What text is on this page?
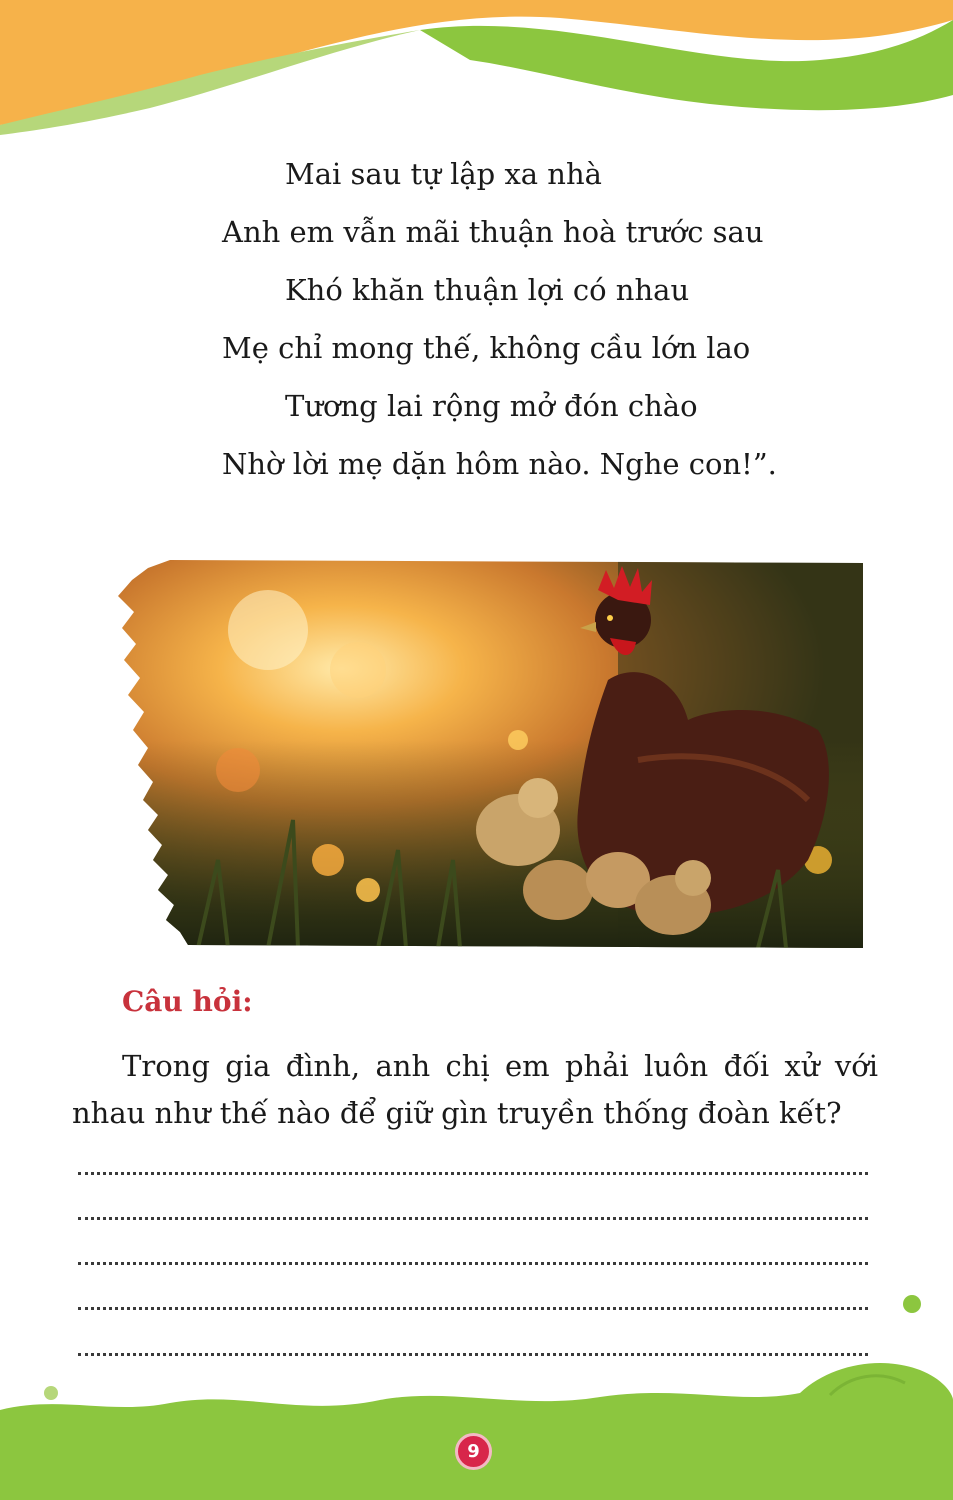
Mai sau tự lập xa nhà
Anh em vẫn mãi thuận hoà trước sau
Khó khăn thuận lợi có nhau
Mẹ chỉ mong thế, không cầu lớn lao
Tương lai rộng mở đón chào
Nhờ lời mẹ dặn hôm nào. Nghe con!”.
Câu hỏi:
Trong gia đình, anh chị em phải luôn đối xử với nhau như thế nào để giữ gìn truyền thống đoàn kết?
9
